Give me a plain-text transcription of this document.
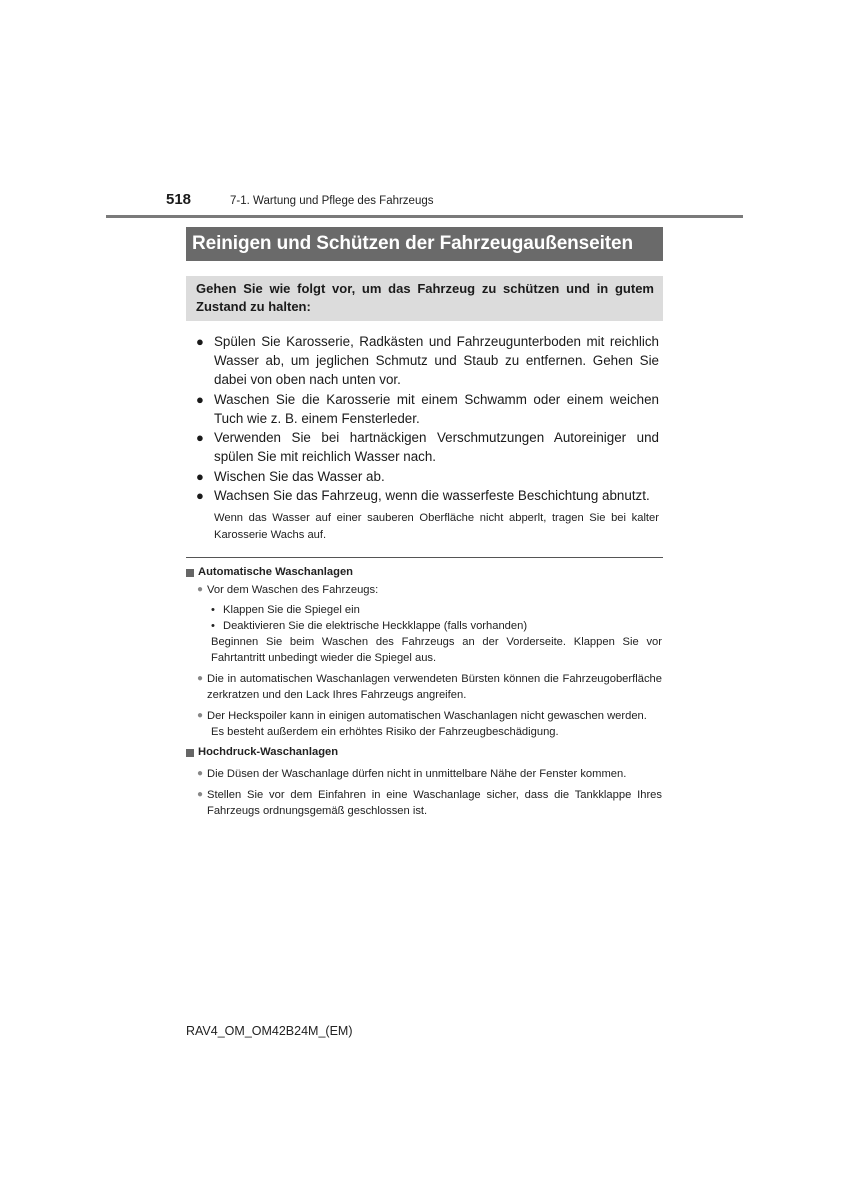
518	7-1. Wartung und Pflege des Fahrzeugs
Reinigen und Schützen der Fahrzeugaußenseiten
Gehen Sie wie folgt vor, um das Fahrzeug zu schützen und in gutem Zustand zu halten:
● Spülen Sie Karosserie, Radkästen und Fahrzeugunterboden mit reichlich Wasser ab, um jeglichen Schmutz und Staub zu entfernen. Gehen Sie dabei von oben nach unten vor.
● Waschen Sie die Karosserie mit einem Schwamm oder einem weichen Tuch wie z. B. einem Fensterleder.
● Verwenden Sie bei hartnäckigen Verschmutzungen Autoreiniger und spülen Sie mit reichlich Wasser nach.
● Wischen Sie das Wasser ab.
● Wachsen Sie das Fahrzeug, wenn die wasserfeste Beschichtung abnutzt.
Wenn das Wasser auf einer sauberen Oberfläche nicht abperlt, tragen Sie bei kalter Karosserie Wachs auf.
Automatische Waschanlagen
● Vor dem Waschen des Fahrzeugs:
• Klappen Sie die Spiegel ein
• Deaktivieren Sie die elektrische Heckklappe (falls vorhanden)
Beginnen Sie beim Waschen des Fahrzeugs an der Vorderseite. Klappen Sie vor Fahrtantritt unbedingt wieder die Spiegel aus.
● Die in automatischen Waschanlagen verwendeten Bürsten können die Fahrzeugoberfläche zerkratzen und den Lack Ihres Fahrzeugs angreifen.
● Der Heckspoiler kann in einigen automatischen Waschanlagen nicht gewaschen werden.
Es besteht außerdem ein erhöhtes Risiko der Fahrzeugbeschädigung.
Hochdruck-Waschanlagen
● Die Düsen der Waschanlage dürfen nicht in unmittelbare Nähe der Fenster kommen.
● Stellen Sie vor dem Einfahren in eine Waschanlage sicher, dass die Tankklappe Ihres Fahrzeugs ordnungsgemäß geschlossen ist.
RAV4_OM_OM42B24M_(EM)
